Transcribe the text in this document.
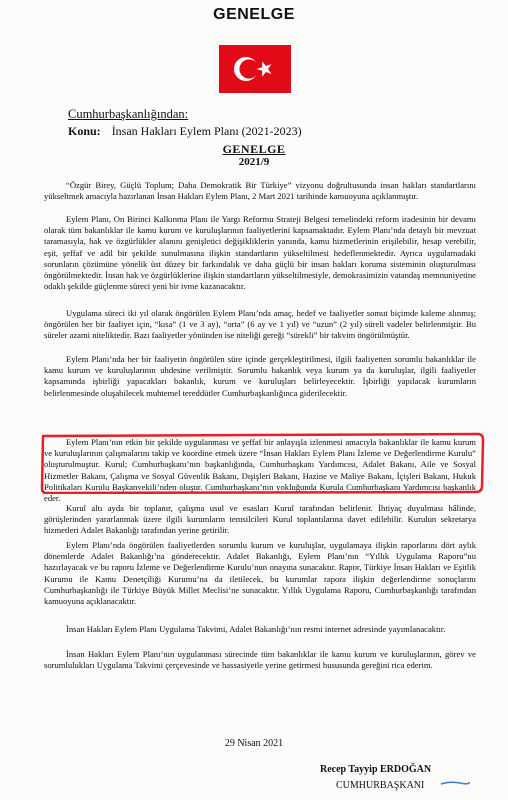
GENELGE
Cumhurbaşkanlığından:
Konu: İnsan Hakları Eylem Planı (2021-2023)
GENELGE
2021/9

“Özgür Birey, Güçlü Toplum; Daha Demokratik Bir Türkiye” vizyonu doğrultusunda insan hakları standartlarını yükseltmek amacıyla hazırlanan İnsan Hakları Eylem Planı, 2 Mart 2021 tarihinde kamuoyuna açıklanmıştır.

Eylem Planı, On Birinci Kalkınma Planı ile Yargı Reformu Strateji Belgesi temelindeki reform iradesinin bir devamı olarak tüm bakanlıklar ile kamu kurum ve kuruluşlarının faaliyetlerini kapsamaktadır. Eylem Planı’nda detaylı bir mevzuat taramasıyla, hak ve özgürlükler alanını genişletici değişikliklerin yanında, kamu hizmetlerinin erişilebilir, hesap verebilir, eşit, şeffaf ve adil bir şekilde sunulmasına ilişkin standartların yükseltilmesi hedeflenmektedir. Ayrıca uygulamadaki sorunların çözümüne yönelik üst düzey bir farkındalık ve daha güçlü bir insan hakları koruma sisteminin oluşturulması öngörülmektedir. İnsan hak ve özgürlüklerine ilişkin standartların yükseltilmesiyle, demokrasimizin vatandaş memnuniyetine odaklı şekilde güçlenme süreci yeni bir ivme kazanacaktır.

Uygulama süreci iki yıl olarak öngörülen Eylem Planı’nda amaç, hedef ve faaliyetler somut biçimde kaleme alınmış; öngörülen her bir faaliyet için, “kısa” (1 ve 3 ay), “orta” (6 ay ve 1 yıl) ve “uzun” (2 yıl) süreli vadeler belirlenmiştir. Bu süreler azami niteliktedir. Bazı faaliyetler yönünden ise niteliği gereği “sürekli” bir takvim öngörülmüştür.

Eylem Planı’nda her bir faaliyetin öngörülen süre içinde gerçekleştirilmesi, ilgili faaliyetten sorumlu bakanlıklar ile kamu kurum ve kuruluşlarının uhdesine verilmiştir. Sorumlu bakanlık veya kurum ya da kuruluşlar, ilgili faaliyetler kapsamında işbirliği yapacakları bakanlık, kurum ve kuruluşları belirleyecektir. İşbirliği yapılacak kurumların belirlenmesinde oluşabilecek muhtemel tereddütler Cumhurbaşkanlığınca giderilecektir.

Eylem Planı’nın etkin bir şekilde uygulanması ve şeffaf bir anlayışla izlenmesi amacıyla bakanlıklar ile kamu kurum ve kuruluşlarının çalışmalarını takip ve koordine etmek üzere “İnsan Hakları Eylem Planı İzleme ve Değerlendirme Kurulu” oluşturulmuştur. Kurul; Cumhurbaşkanı’nın başkanlığında, Cumhurbaşkanı Yardımcısı, Adalet Bakanı, Aile ve Sosyal Hizmetler Bakanı, Çalışma ve Sosyal Güvenlik Bakanı, Dışişleri Bakanı, Hazine ve Maliye Bakanı, İçişleri Bakanı, Hukuk Politikaları Kurulu Başkanvekili’nden oluşur. Cumhurbaşkanı’nın yokluğunda Kurula Cumhurbaşkanı Yardımcısı başkanlık eder.

Kurul altı ayda bir toplanır, çalışma usul ve esasları Kurul tarafından belirlenir. İhtiyaç duyulması hâlinde, görüşlerinden yararlanmak üzere ilgili kurumların temsilcileri Kurul toplantılarına davet edilebilir. Kurulun sekretarya hizmetleri Adalet Bakanlığı tarafından yerine getirilir.

Eylem Planı’nda öngörülen faaliyetlerden sorumlu kurum ve kuruluşlar, uygulamaya ilişkin raporlarını dört aylık dönemlerde Adalet Bakanlığı’na gönderecektir. Adalet Bakanlığı, Eylem Planı’nın “Yıllık Uygulama Raporu”nu hazırlayacak ve bu raporu İzleme ve Değerlendirme Kurulu’nun onayına sunacaktır. Rapor, Türkiye İnsan Hakları ve Eşitlik Kurumu ile Kamu Denetçiliği Kurumu’na da iletilecek, bu kurumlar rapora ilişkin değerlendirme sonuçlarını Cumhurbaşkanlığı ile Türkiye Büyük Millet Meclisi’ne sunacaktır. Yıllık Uygulama Raporu, Cumhurbaşkanlığı tarafından kamuoyuna açıklanacaktır.

İnsan Hakları Eylem Planı Uygulama Takvimi, Adalet Bakanlığı’nın resmi internet adresinde yayımlanacaktır.

İnsan Hakları Eylem Planı’nın uygulanması sürecinde tüm bakanlıklar ile kamu kurum ve kuruluşlarının, görev ve sorumlulukları Uygulama Takvimi çerçevesinde ve hassasiyetle yerine getirmesi hususunda gereğini rica ederim.

29 Nisan 2021
Recep Tayyip ERDOĞAN
CUMHURBAŞKANI
